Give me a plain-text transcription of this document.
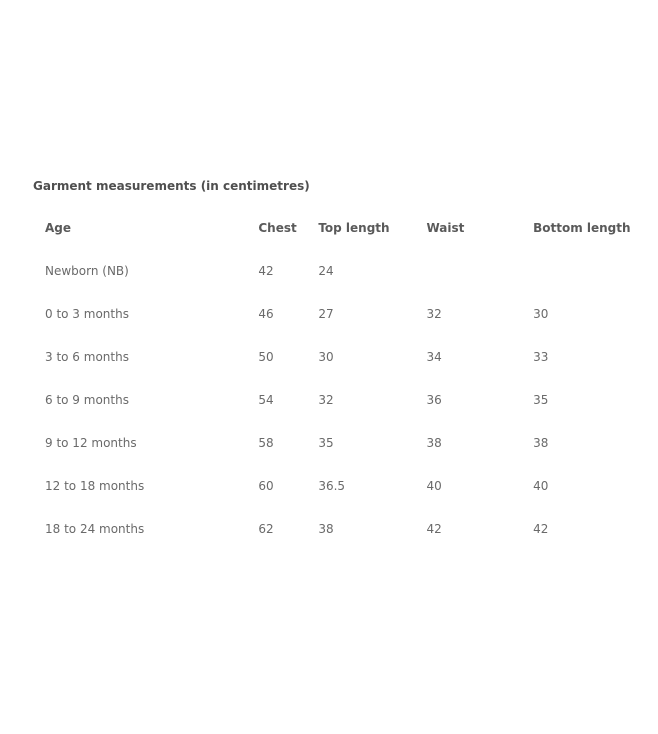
Garment measurements (in centimetres)

Age	Chest	Top length	Waist	Bottom length
Newborn (NB)	42	24		
0 to 3 months	46	27	32	30
3 to 6 months	50	30	34	33
6 to 9 months	54	32	36	35
9 to 12 months	58	35	38	38
12 to 18 months	60	36.5	40	40
18 to 24 months	62	38	42	42
